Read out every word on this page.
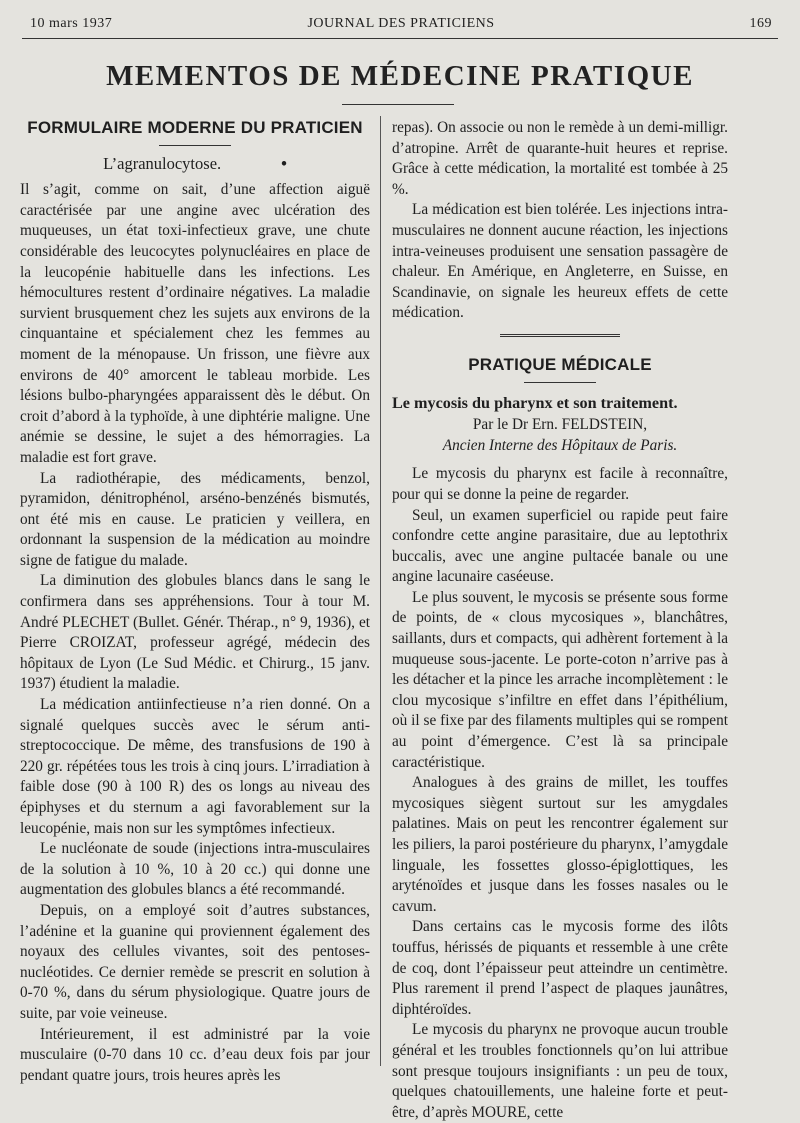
10 mars 1937	JOURNAL DES PRATICIENS	169
MEMENTOS DE MÉDECINE PRATIQUE
FORMULAIRE MODERNE DU PRATICIEN
L’agranulocytose.	•

Il s’agit, comme on sait, d’une affection aiguë caractérisée par une angine avec ulcération des muqueuses, un état toxi-infectieux grave, une chute considérable des leucocytes polynucléaires en place de la leucopénie habituelle dans les infections. Les hémocultures restent d’ordinaire négatives. La maladie survient brusquement chez les sujets aux environs de la cinquantaine et spécialement chez les femmes au moment de la ménopause. Un frisson, une fièvre aux environs de 40° amorcent le tableau morbide. Les lésions bulbo-pharyngées apparaissent dès le début. On croit d’abord à la typhoïde, à une diphtérie maligne. Une anémie se dessine, le sujet a des hémorragies. La maladie est fort grave.

La radiothérapie, des médicaments, benzol, pyramidon, dénitrophénol, arséno-benzénés bismutés, ont été mis en cause. Le praticien y veillera, en ordonnant la suspension de la médication au moindre signe de fatigue du malade.

La diminution des globules blancs dans le sang le confirmera dans ses appréhensions. Tour à tour M. André PLECHET (Bullet. Génér. Thérap., n° 9, 1936), et Pierre CROIZAT, professeur agrégé, médecin des hôpitaux de Lyon (Le Sud Médic. et Chirurg., 15 janv. 1937) étudient la maladie.

La médication antiinfectieuse n’a rien donné. On a signalé quelques succès avec le sérum anti-streptococcique. De même, des transfusions de 190 à 220 gr. répétées tous les trois à cinq jours. L’irradiation à faible dose (90 à 100 R) des os longs au niveau des épiphyses et du sternum a agi favorablement sur la leucopénie, mais non sur les symptômes infectieux.

Le nucléonate de soude (injections intra-musculaires de la solution à 10 %, 10 à 20 cc.) qui donne une augmentation des globules blancs a été recommandé.

Depuis, on a employé soit d’autres substances, l’adénine et la guanine qui proviennent également des noyaux des cellules vivantes, soit des pentoses-nucléotides. Ce dernier remède se prescrit en solution à 0-70 %, dans du sérum physiologique. Quatre jours de suite, par voie veineuse.

Intérieurement, il est administré par la voie musculaire (0-70 dans 10 cc. d’eau deux fois par jour pendant quatre jours, trois heures après les

repas). On associe ou non le remède à un demi-milligr. d’atropine. Arrêt de quarante-huit heures et reprise. Grâce à cette médication, la mortalité est tombée à 25 %.

La médication est bien tolérée. Les injections intra-musculaires ne donnent aucune réaction, les injections intra-veineuses produisent une sensation passagère de chaleur. En Amérique, en Angleterre, en Suisse, en Scandinavie, on signale les heureux effets de cette médication.

PRATIQUE MÉDICALE
Le mycosis du pharynx et son traitement.
Par le Dr Ern. FELDSTEIN,
Ancien Interne des Hôpitaux de Paris.

Le mycosis du pharynx est facile à reconnaître, pour qui se donne la peine de regarder.

Seul, un examen superficiel ou rapide peut faire confondre cette angine parasitaire, due au leptothrix buccalis, avec une angine pultacée banale ou une angine lacunaire caséeuse.

Le plus souvent, le mycosis se présente sous forme de points, de « clous mycosiques », blanchâtres, saillants, durs et compacts, qui adhèrent fortement à la muqueuse sous-jacente. Le porte-coton n’arrive pas à les détacher et la pince les arrache incomplètement : le clou mycosique s’infiltre en effet dans l’épithélium, où il se fixe par des filaments multiples qui se rompent au point d’émergence. C’est là sa principale caractéristique.

Analogues à des grains de millet, les touffes mycosiques siègent surtout sur les amygdales palatines. Mais on peut les rencontrer également sur les piliers, la paroi postérieure du pharynx, l’amygdale linguale, les fossettes glosso-épiglottiques, les aryténoïdes et jusque dans les fosses nasales ou le cavum.

Dans certains cas le mycosis forme des ilôts touffus, hérissés de piquants et ressemble à une crête de coq, dont l’épaisseur peut atteindre un centimètre. Plus rarement il prend l’aspect de plaques jaunâtres, diphtéroïdes.

Le mycosis du pharynx ne provoque aucun trouble général et les troubles fonctionnels qu’on lui attribue sont presque toujours insignifiants : un peu de toux, quelques chatouillements, une haleine forte et peut-être, d’après MOURE, cette
